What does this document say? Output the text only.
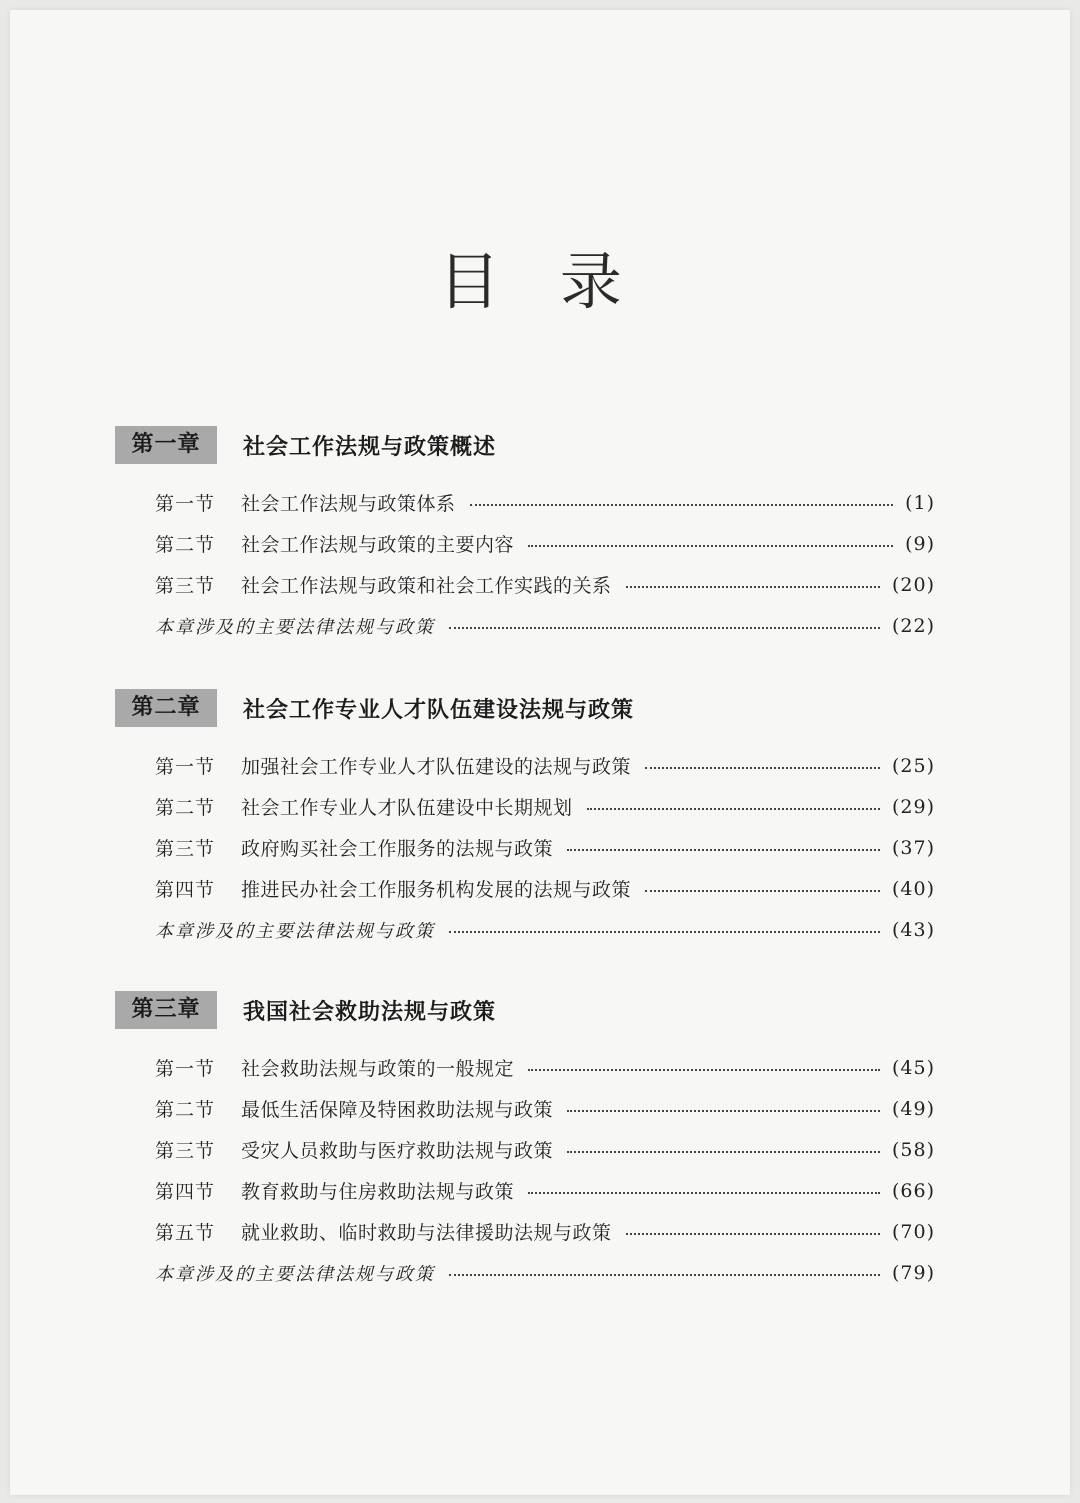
目 录
第一章	社会工作法规与政策概述
第一节	社会工作法规与政策体系	(1)
第二节	社会工作法规与政策的主要内容	(9)
第三节	社会工作法规与政策和社会工作实践的关系	(20)
本章涉及的主要法律法规与政策	(22)
第二章	社会工作专业人才队伍建设法规与政策
第一节	加强社会工作专业人才队伍建设的法规与政策	(25)
第二节	社会工作专业人才队伍建设中长期规划	(29)
第三节	政府购买社会工作服务的法规与政策	(37)
第四节	推进民办社会工作服务机构发展的法规与政策	(40)
本章涉及的主要法律法规与政策	(43)
第三章	我国社会救助法规与政策
第一节	社会救助法规与政策的一般规定	(45)
第二节	最低生活保障及特困救助法规与政策	(49)
第三节	受灾人员救助与医疗救助法规与政策	(58)
第四节	教育救助与住房救助法规与政策	(66)
第五节	就业救助、临时救助与法律援助法规与政策	(70)
本章涉及的主要法律法规与政策	(79)
